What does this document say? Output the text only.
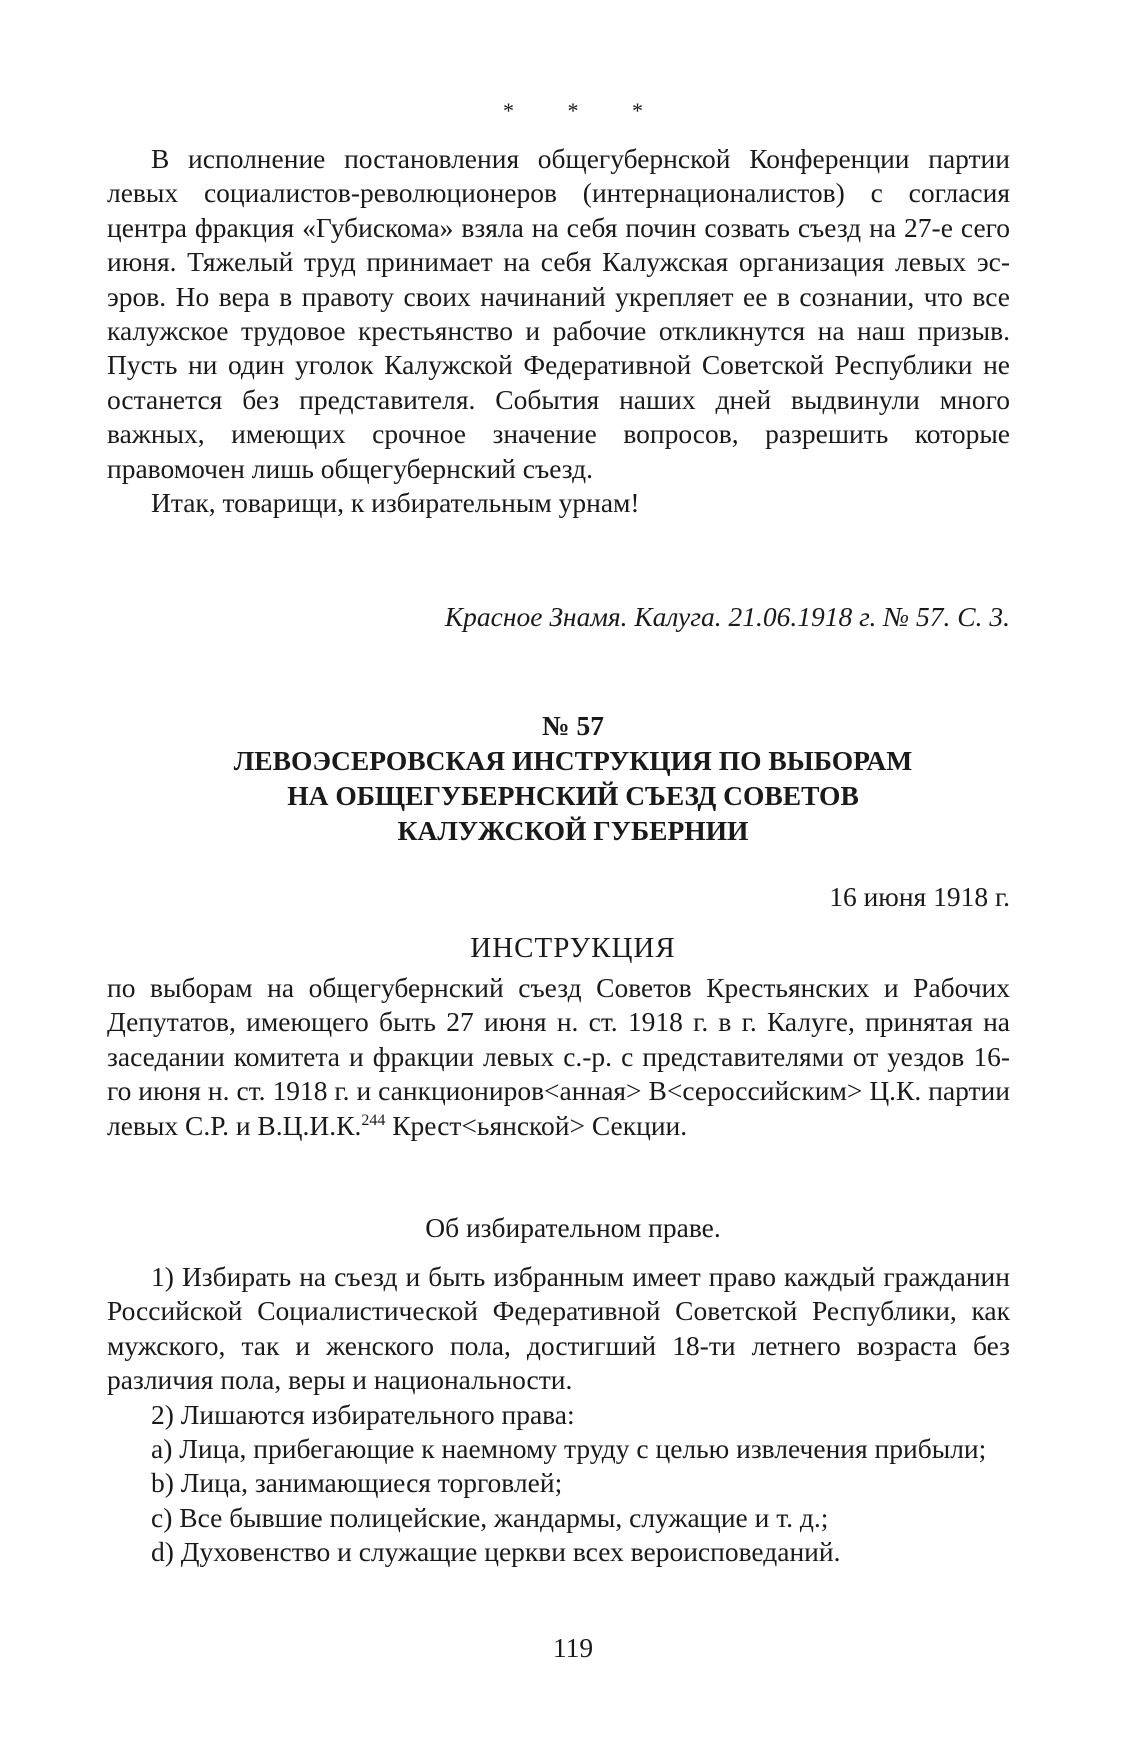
* * *

В исполнение постановления общегубернской Конференции партии левых социалистов-революционеров (интернационалистов) с согласия центра фракция «Губискома» взяла на себя почин созвать съезд на 27-е сего июня. Тяжелый труд принимает на себя Калужская организация левых эс-эров. Но вера в правоту своих начинаний укрепляет ее в сознании, что все калужское трудовое крестьянство и рабочие откликнутся на наш призыв. Пусть ни один уголок Калужской Федеративной Советской Республики не останется без представителя. События наших дней выдвинули много важных, имеющих срочное значение вопросов, разрешить которые правомочен лишь общегубернский съезд.

Итак, товарищи, к избирательным урнам!

Красное Знамя. Калуга. 21.06.1918 г. № 57. С. 3.
№ 57
ЛЕВОЭСЕРОВСКАЯ ИНСТРУКЦИЯ ПО ВЫБОРАМ
НА ОБЩЕГУБЕРНСКИЙ СЪЕЗД СОВЕТОВ
КАЛУЖСКОЙ ГУБЕРНИИ
16 июня 1918 г.
ИНСТРУКЦИЯ

по выборам на общегубернский съезд Советов Крестьянских и Рабочих Депутатов, имеющего быть 27 июня н. ст. 1918 г. в г. Калуге, принятая на заседании комитета и фракции левых с.-р. с представителями от уездов 16-го июня н. ст. 1918 г. и санкциониров<анная> В<сероссийским> Ц.К. партии левых С.Р. и В.Ц.И.К.$^{244}$ Крест<ьянской> Секции.

Об избирательном праве.

1) Избирать на съезд и быть избранным имеет право каждый гражданин Российской Социалистической Федеративной Советской Республики, как мужского, так и женского пола, достигший 18-ти летнего возраста без различия пола, веры и национальности.

2) Лишаются избирательного права:

а) Лица, прибегающие к наемному труду с целью извлечения прибыли;

b) Лица, занимающиеся торговлей;

с) Все бывшие полицейские, жандармы, служащие и т. д.;

d) Духовенство и служащие церкви всех вероисповеданий.

119
